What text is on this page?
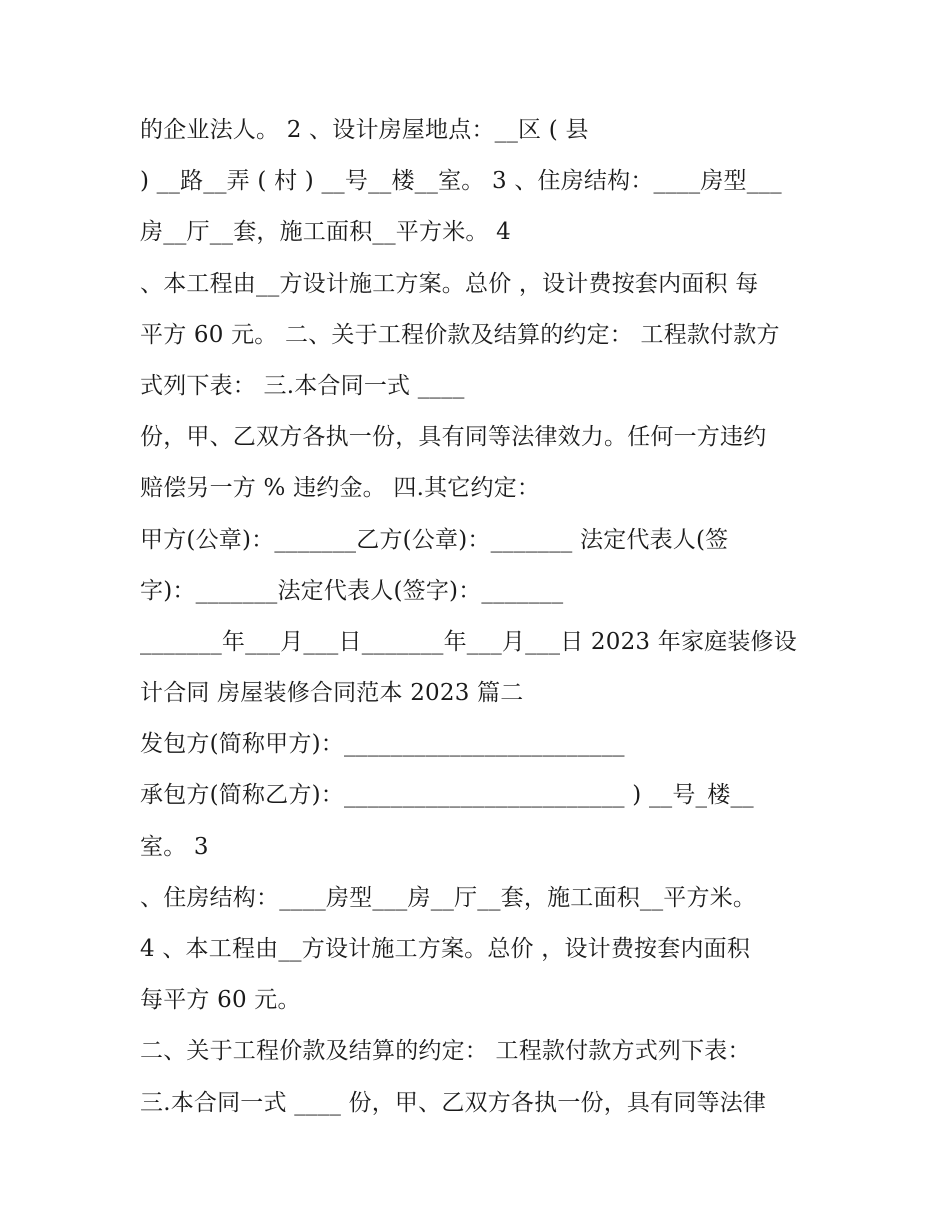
的企业法人。 2 、设计房屋地点：__区 ( 县
) __路__弄 ( 村 ) __号__楼__室。 3 、住房结构：____房型___
房__厅__套，施工面积__平方米。 4
、本工程由__方设计施工方案。总价 ，设计费按套内面积 每
平方 60 元。 二、关于工程价款及结算的约定： 工程款付款方
式列下表： 三.本合同一式 ____
份，甲、乙双方各执一份，具有同等法律效力。任何一方违约
赔偿另一方 % 违约金。 四.其它约定：
甲方(公章)：_______乙方(公章)：_______ 法定代表人(签
字)：_______法定代表人(签字)：_______
_______年___月___日_______年___月___日 2023 年家庭装修设
计合同 房屋装修合同范本 2023 篇二
发包方(简称甲方)：________________________
承包方(简称乙方)：________________________ ) __号_楼__
室。 3
、住房结构：____房型___房__厅__套，施工面积__平方米。
4 、本工程由__方设计施工方案。总价 ，设计费按套内面积
每平方 60 元。
二、关于工程价款及结算的约定： 工程款付款方式列下表：
三.本合同一式 ____ 份，甲、乙双方各执一份，具有同等法律
